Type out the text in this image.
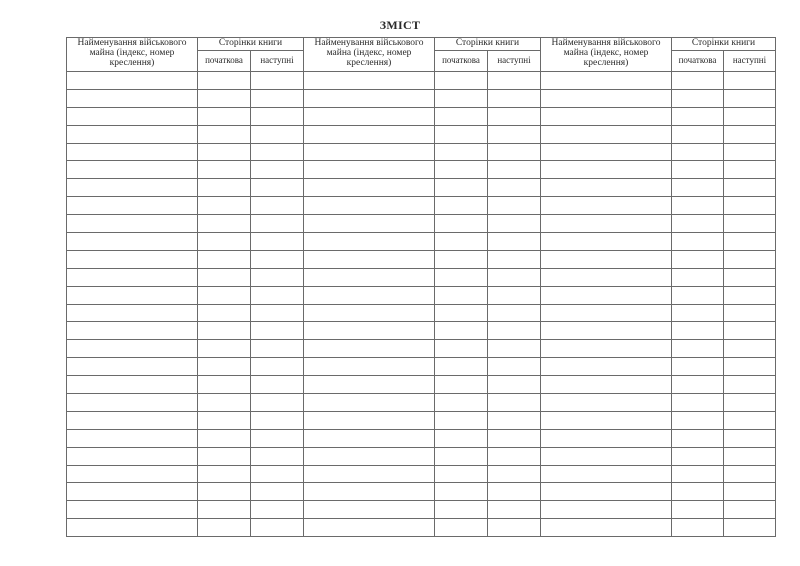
ЗМІСТ
Найменування військового майна (індекс, номер креслення)	Сторінки книги		Найменування військового майна (індекс, номер креслення)	Сторінки книги		Найменування військового майна (індекс, номер креслення)	Сторінки книги	
	початкова	наступні		початкова	наступні		початкова	наступні
